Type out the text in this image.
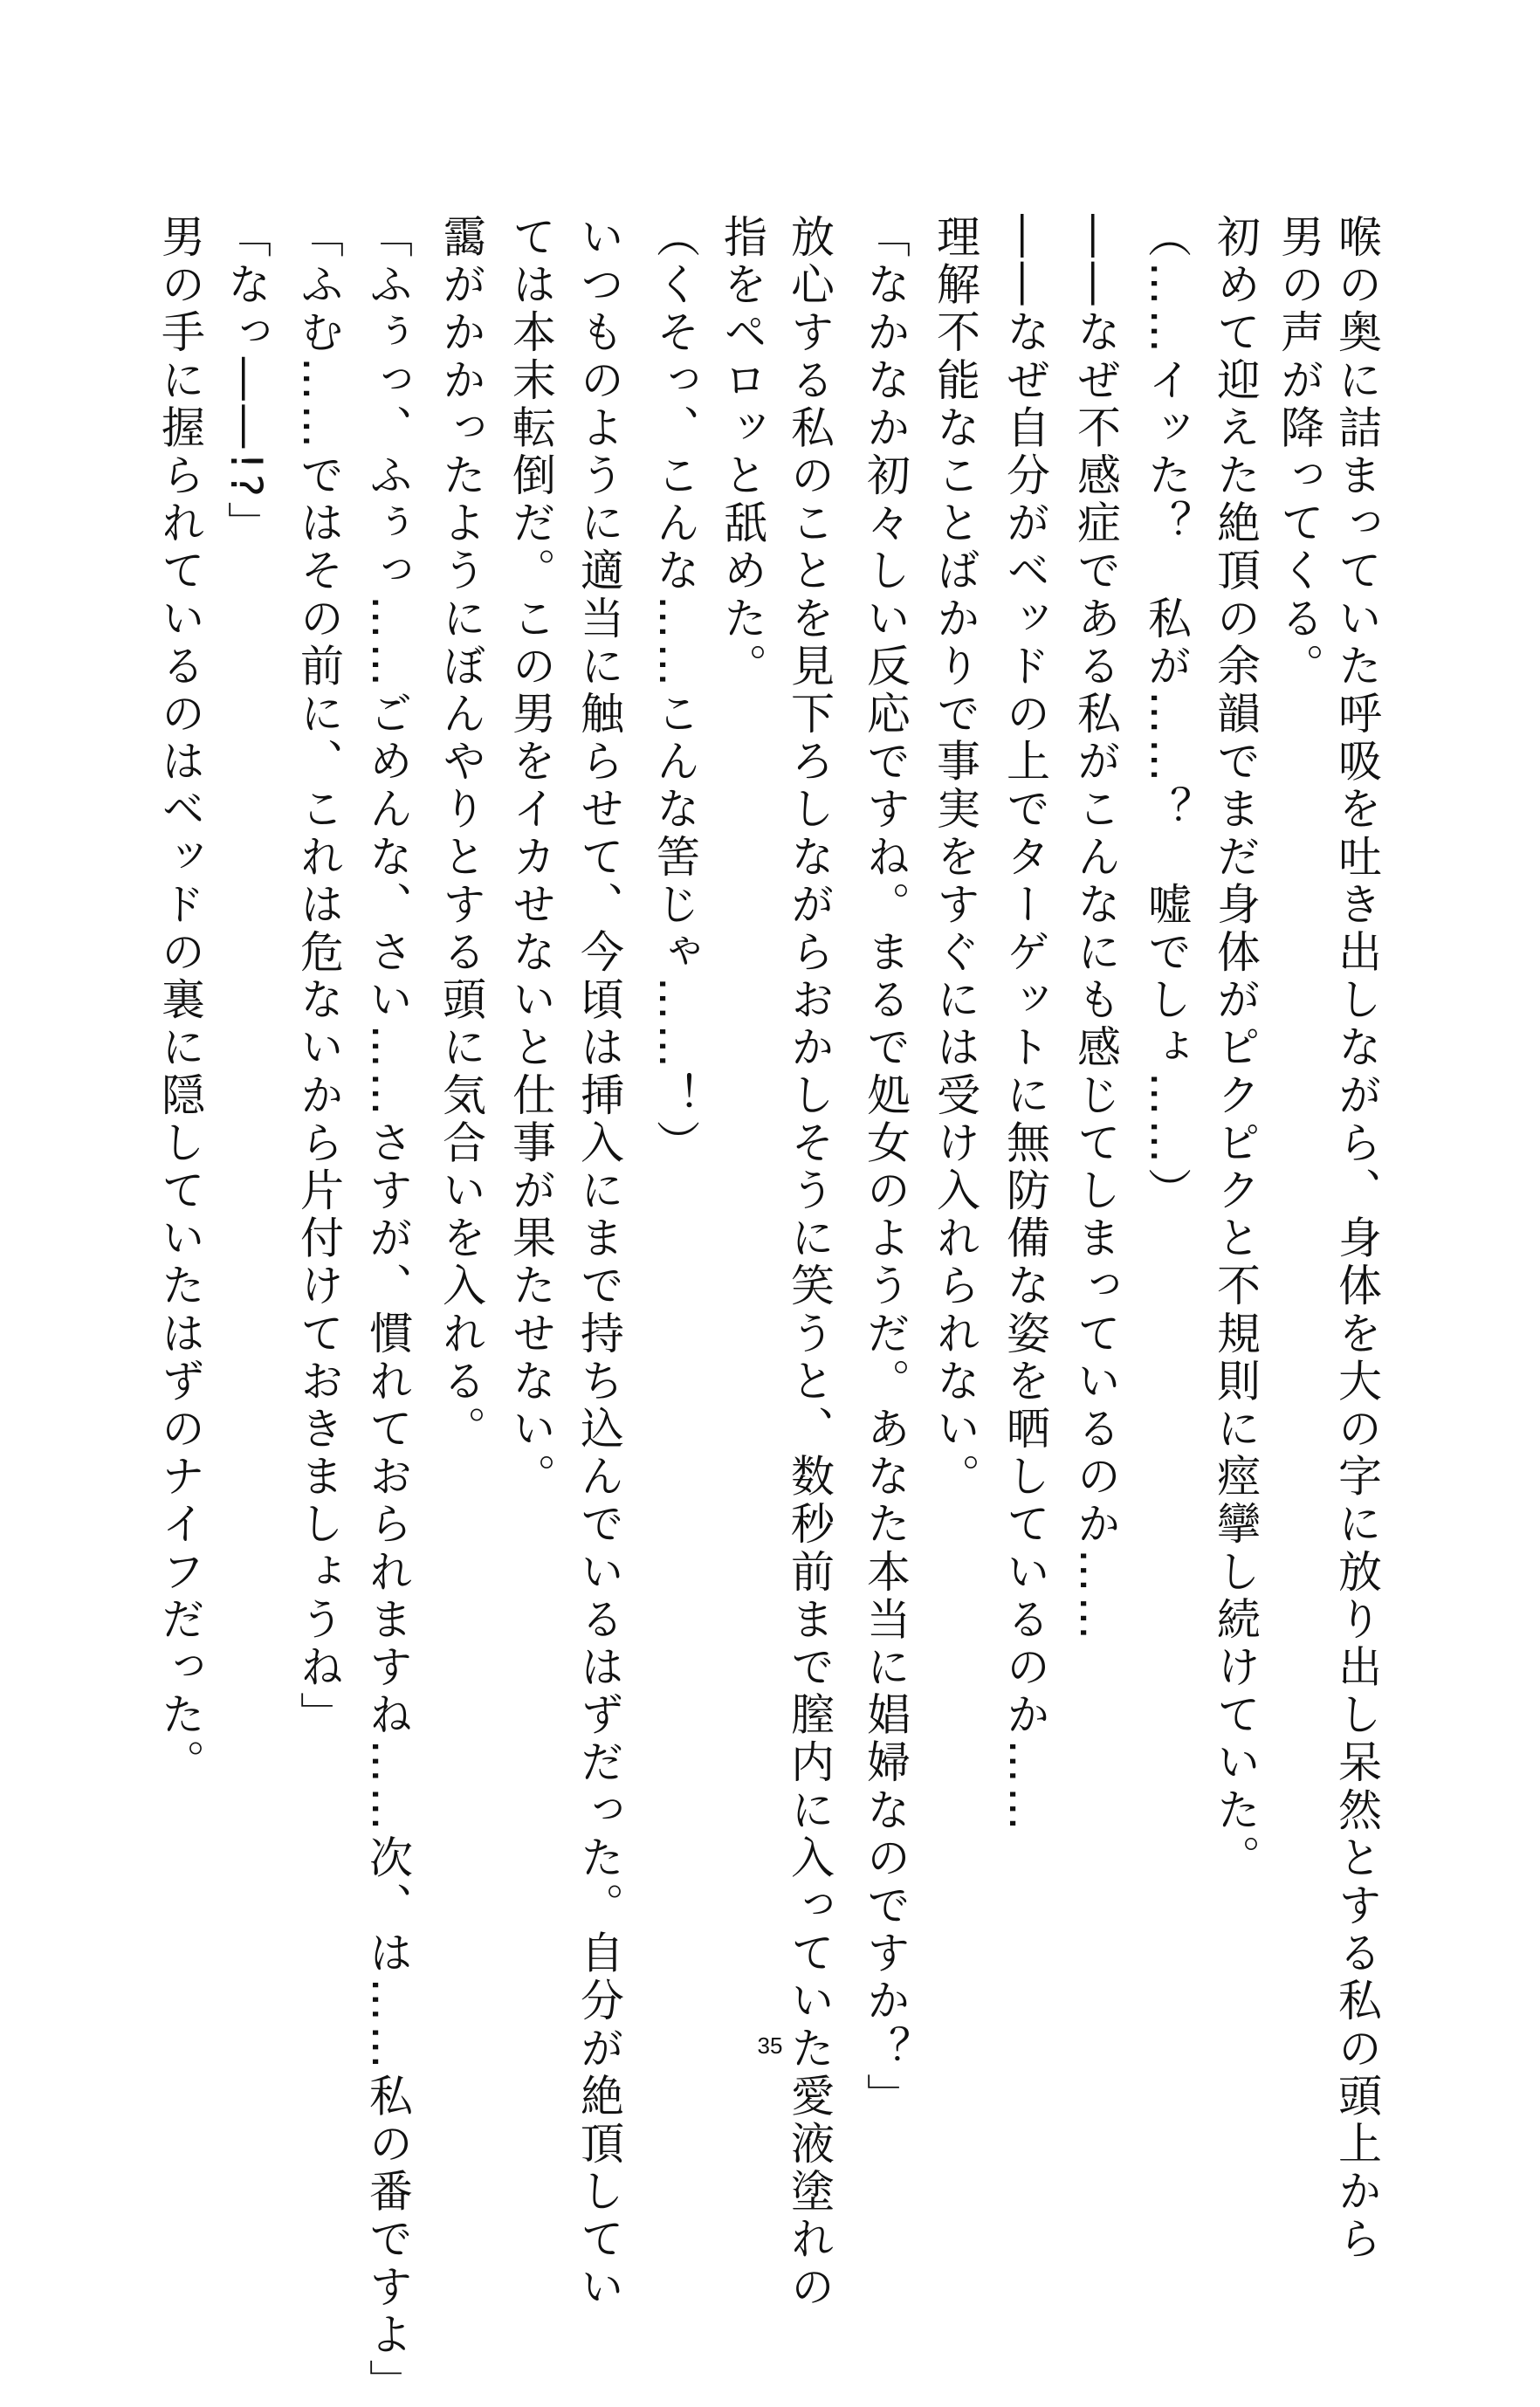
喉の奥に詰まっていた呼吸を吐き出しながら、身体を大の字に放り出し呆然とする私の頭上から

男の声が降ってくる。

初めて迎えた絶頂の余韻でまだ身体がピクピクと不規則に痙攣し続けていた。

（……イッた？　私が……？　嘘でしょ……）

――なぜ不感症である私がこんなにも感じてしまっているのか……

――なぜ自分がベッドの上でターゲットに無防備な姿を晒しているのか……

理解不能なことばかりで事実をすぐには受け入れられない。

「なかなか初々しい反応ですね。まるで処女のようだ。あなた本当に娼婦なのですか？」

放心する私のことを見下ろしながらおかしそうに笑うと、数秒前まで膣内に入っていた愛液塗れの

指をペロッと舐めた。

（くそっ、こんな……こんな筈じゃ……！）

いつものように適当に触らせて、今頃は挿入にまで持ち込んでいるはずだった。自分が絶頂してい

ては本末転倒だ。この男をイカせないと仕事が果たせない。

靄がかかったようにぼんやりとする頭に気合いを入れる。

「ふぅっ、ふぅっ……ごめんな、さい……さすが、慣れておられますね……次、は……私の番ですよ」

「ふむ……ではその前に、これは危ないから片付けておきましょうね」

「なっ――!?」

男の手に握られているのはベッドの裏に隠していたはずのナイフだった。

35
